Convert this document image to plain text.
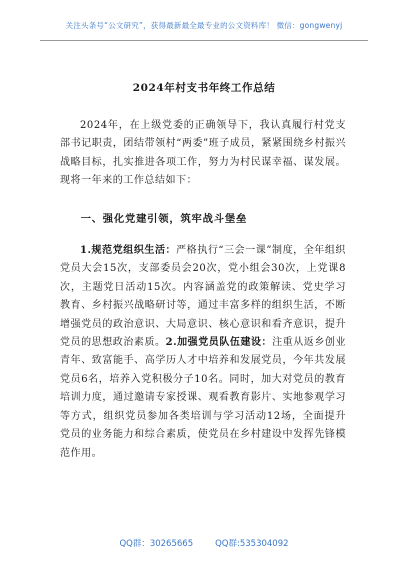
关注头条号“公文研究”，获得最新最全最专业的公文资料库！ 微信：gongwenyj
2024年村支书年终工作总结

2024年，在上级党委的正确领导下，我认真履行村党支部书记职责，团结带领村“两委”班子成员，紧紧围绕乡村振兴战略目标，扎实推进各项工作，努力为村民谋幸福、谋发展。现将一年来的工作总结如下：

一、强化党建引领，筑牢战斗堡垒

1.规范党组织生活：严格执行“三会一课”制度，全年组织党员大会15次，支部委员会20次，党小组会30次，上党课8次，主题党日活动15次。内容涵盖党的政策解读、党史学习教育、乡村振兴战略研讨等，通过丰富多样的组织生活，不断增强党员的政治意识、大局意识、核心意识和看齐意识，提升党员的思想政治素质。2.加强党员队伍建设：注重从返乡创业青年、致富能手、高学历人才中培养和发展党员，今年共发展党员6名，培养入党积极分子10名。同时，加大对党员的教育培训力度，通过邀请专家授课、观看教育影片、实地参观学习等方式，组织党员参加各类培训与学习活动12场，全面提升党员的业务能力和综合素质，使党员在乡村建设中发挥先锋模范作用。

QQ群：30265665	QQ群:535304092
